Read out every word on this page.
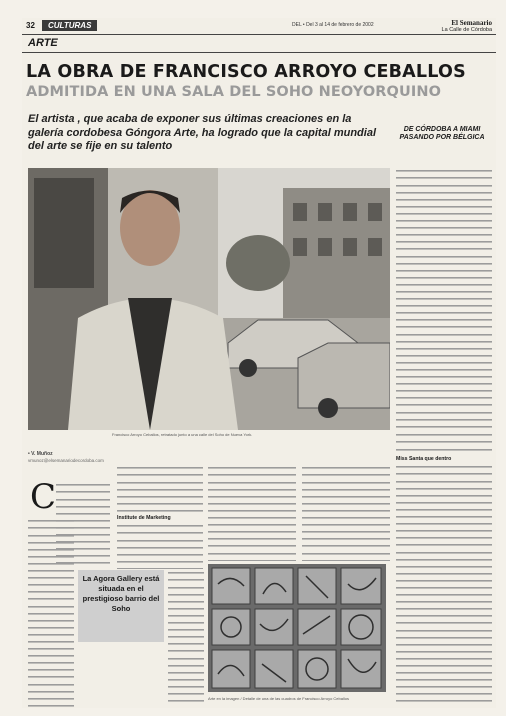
32	CULTURAS	DEL • Del 3 al 14 de febrero de 2002	El Semanario
La Calle de Córdoba
ARTE
LA OBRA DE FRANCISCO ARROYO CEBALLOS
ADMITIDA EN UNA SALA DEL SOHO NEOYORQUINO
El artista , que acaba de exponer sus últimas creaciones en la galería cordobesa Góngora Arte, ha logrado que la capital mundial del arte se fije en su talento
DE CÓRDOBA A MIAMI PASANDO POR BÉLGICA
Francisco Arroyo Ceballos, retratado junto a una calle del Soho de Nueva York.
• V. Muñoz
vmunoz@elsemanariodecordoba.com
C
La Agora Gallery está situada en el prestigioso barrio del Soho
Institute de Marketing
Arte en la imagen / Detalle de una de las cuadros de Francisco Arroyo Ceballos
Miss Santa que dentro
